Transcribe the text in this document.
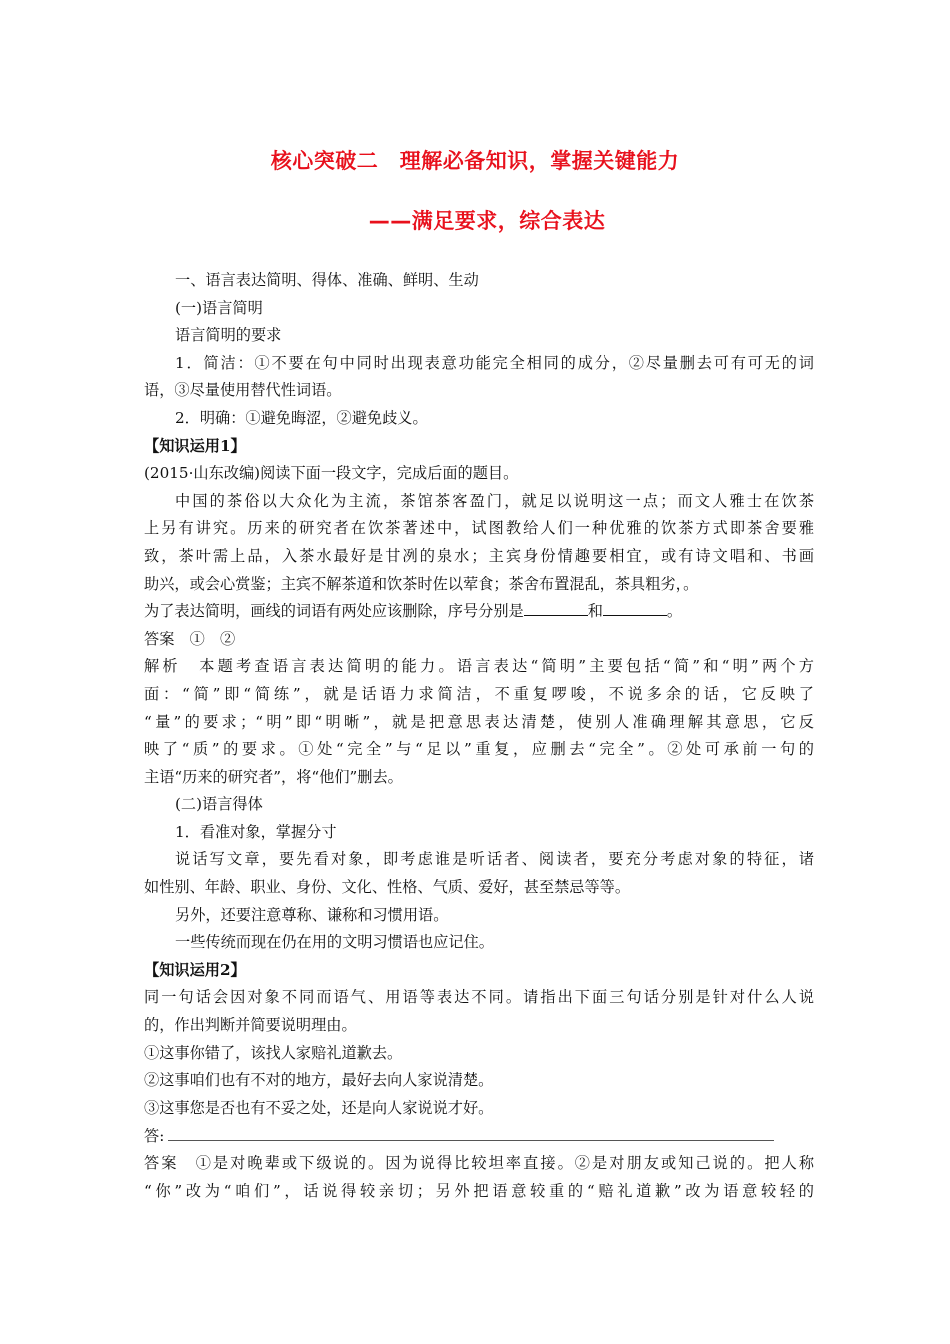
核心突破二　理解必备知识，掌握关键能力
——满足要求，综合表达
一、语言表达简明、得体、准确、鲜明、生动
(一)语言简明
语言简明的要求
1．简洁：①不要在句中同时出现表意功能完全相同的成分，②尽量删去可有可无的词
语，③尽量使用替代性词语。
2．明确：①避免晦涩，②避免歧义。
【知识运用1】
(2015·山东改编)阅读下面一段文字，完成后面的题目。
中国的茶俗以大众化为主流，茶馆茶客盈门，就足以说明这一点；而文人雅士在饮茶
上另有讲究。历来的研究者在饮茶著述中，试图教给人们一种优雅的饮茶方式即茶舍要雅
致，茶叶需上品，入茶水最好是甘冽的泉水；主宾身份情趣要相宜，或有诗文唱和、书画
助兴，或会心赏鉴；主宾不解茶道和饮茶时佐以荤食；茶舍布置混乱，茶具粗劣，。
为了表达简明，画线的词语有两处应该删除，序号分别是	和	。
答案　①　②
解析　本题考查语言表达简明的能力。语言表达“简明”主要包括“简”和“明”两个方
面：“简”即“简练”，就是话语力求简洁，不重复啰唆，不说多余的话，它反映了
“量”的要求；“明”即“明晰”，就是把意思表达清楚，使别人准确理解其意思，它反
映了“质”的要求。①处“完全”与“足以”重复，应删去“完全”。②处可承前一句的
主语“历来的研究者”，将“他们”删去。
(二)语言得体
1．看准对象，掌握分寸
说话写文章，要先看对象，即考虑谁是听话者、阅读者，要充分考虑对象的特征，诸
如性别、年龄、职业、身份、文化、性格、气质、爱好，甚至禁忌等等。
另外，还要注意尊称、谦称和习惯用语。
一些传统而现在仍在用的文明习惯语也应记住。
【知识运用2】
同一句话会因对象不同而语气、用语等表达不同。请指出下面三句话分别是针对什么人说
的，作出判断并简要说明理由。
①这事你错了，该找人家赔礼道歉去。
②这事咱们也有不对的地方，最好去向人家说清楚。
③这事您是否也有不妥之处，还是向人家说说才好。
答:
答案　①是对晚辈或下级说的。因为说得比较坦率直接。②是对朋友或知己说的。把人称
“你”改为“咱们”，话说得较亲切；另外把语意较重的“赔礼道歉”改为语意较轻的
